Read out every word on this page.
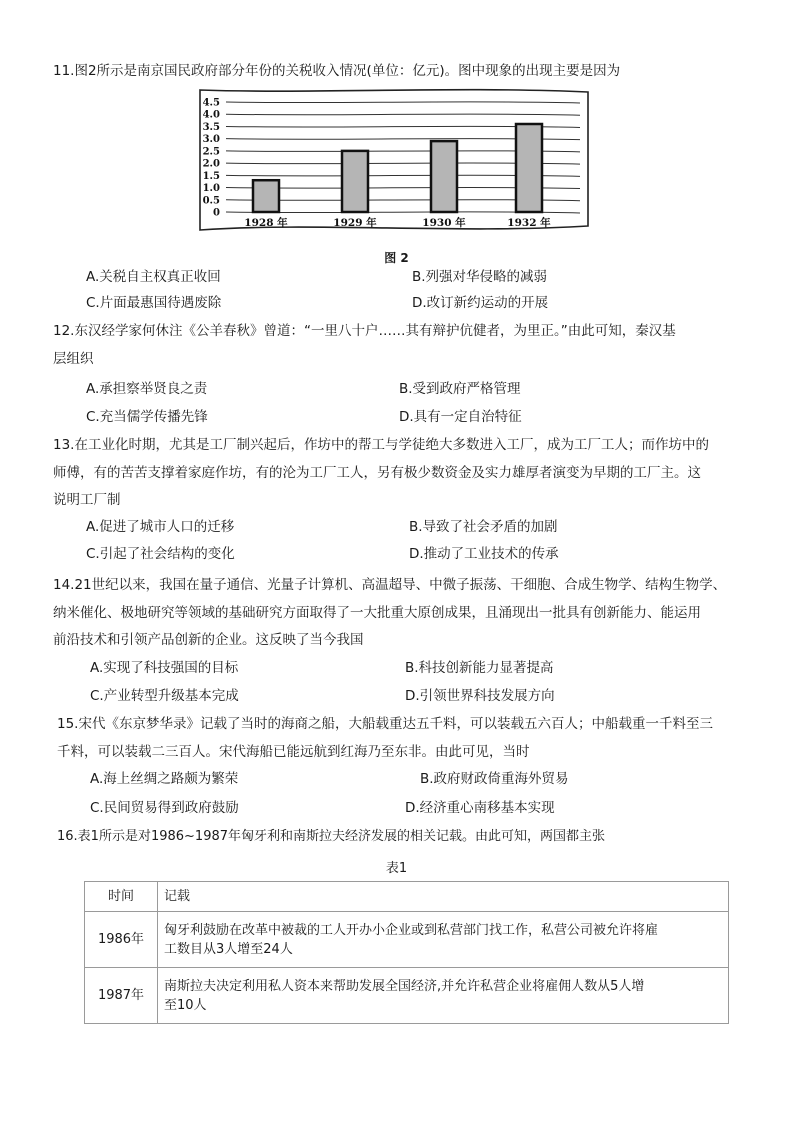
11.图2所示是南京国民政府部分年份的关税收入情况(单位：亿元)。图中现象的出现主要是因为
4.5
4.0
3.5
3.0
2.5
2.0
1.5
1.0
0.5
0
1928 年	1929 年	1930 年	1932 年
图 2
A.关税自主权真正收回	B.列强对华侵略的减弱
C.片面最惠国待遇废除	D.改订新约运动的开展
12.东汉经学家何休注《公羊春秋》曾道：“一里八十户……其有辩护伉健者，为里正。”由此可知，秦汉基
层组织
A.承担察举贤良之责	B.受到政府严格管理
C.充当儒学传播先锋	D.具有一定自治特征
13.在工业化时期，尤其是工厂制兴起后，作坊中的帮工与学徒绝大多数进入工厂，成为工厂工人；而作坊中的
师傅，有的苦苦支撑着家庭作坊，有的沦为工厂工人，另有极少数资金及实力雄厚者演变为早期的工厂主。这
说明工厂制
A.促进了城市人口的迁移	B.导致了社会矛盾的加剧
C.引起了社会结构的变化	D.推动了工业技术的传承
14.21世纪以来，我国在量子通信、光量子计算机、高温超导、中微子振荡、干细胞、合成生物学、结构生物学、
纳米催化、极地研究等领域的基础研究方面取得了一大批重大原创成果，且涌现出一批具有创新能力、能运用
前沿技术和引领产品创新的企业。这反映了当今我国
A.实现了科技强国的目标	B.科技创新能力显著提高
C.产业转型升级基本完成	D.引领世界科技发展方向
15.宋代《东京梦华录》记载了当时的海商之船，大船载重达五千料，可以装载五六百人；中船载重一千料至三
千料，可以装载二三百人。宋代海船已能远航到红海乃至东非。由此可见，当时
A.海上丝绸之路颇为繁荣	B.政府财政倚重海外贸易
C.民间贸易得到政府鼓励	D.经济重心南移基本实现
16.表1所示是对1986~1987年匈牙利和南斯拉夫经济发展的相关记载。由此可知，两国都主张
表1
时间	记载
1986年	匈牙利鼓励在改革中被裁的工人开办小企业或到私营部门找工作，私营公司被允许将雇
工数目从3人增至24人

1987年	南斯拉夫决定利用私人资本来帮助发展全国经济,并允许私营企业将雇佣人数从5人增
至10人
